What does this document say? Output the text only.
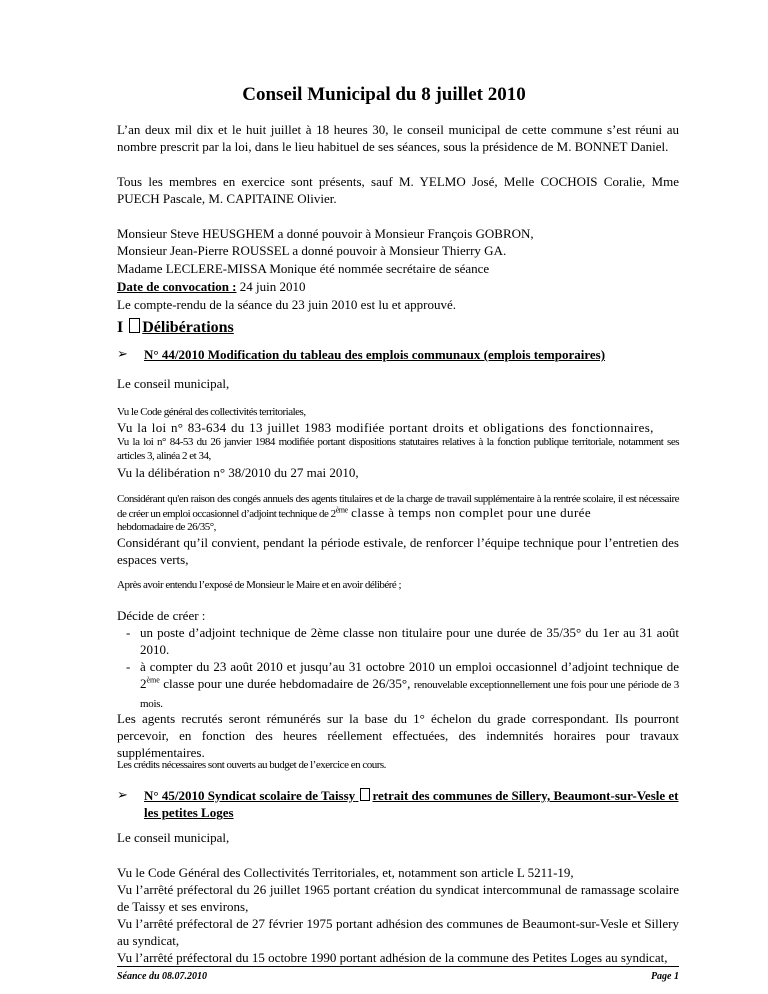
Conseil Municipal du 8 juillet 2010
L’an deux mil dix et le huit juillet à 18 heures 30, le conseil municipal de cette commune s’est réuni au nombre prescrit par la loi, dans le lieu habituel de ses séances, sous la présidence de M. BONNET Daniel.
Tous les membres en exercice sont présents, sauf M. YELMO José, Melle COCHOIS Coralie, Mme PUECH Pascale, M. CAPITAINE Olivier.
Monsieur Steve HEUSGHEM a donné pouvoir à Monsieur François GOBRON,
Monsieur Jean-Pierre ROUSSEL a donné pouvoir à Monsieur Thierry GA.
Madame LECLERE-MISSA Monique été nommée secrétaire de séance
Date de convocation : 24 juin 2010
Le compte-rendu de la séance du 23 juin 2010 est lu et approuvé.
I Délibérations
➢ N° 44/2010 Modification du tableau des emplois communaux (emplois temporaires)
Le conseil municipal,
Vu le Code général des collectivités territoriales,
Vu la loi n° 83-634 du 13 juillet 1983 modifiée portant droits et obligations des fonctionnaires,
Vu la loi n° 84-53 du 26 janvier 1984 modifiée portant dispositions statutaires relatives à la fonction publique territoriale, notamment ses articles 3, alinéa 2 et 34,
Vu la délibération n° 38/2010 du 27 mai 2010,
Considérant qu'en raison des congés annuels des agents titulaires et de la charge de travail supplémentaire à la rentrée scolaire, il est nécessaire de créer un emploi occasionnel d’adjoint technique de 2ème classe à temps non complet pour une durée
hebdomadaire de 26/35°,
Considérant qu’il convient, pendant la période estivale, de renforcer l’équipe technique pour l’entretien des espaces verts,
Après avoir entendu l’exposé de Monsieur le Maire et en avoir délibéré ;
Décide de créer :
- un poste d’adjoint technique de 2ème classe non titulaire pour une durée de 35/35° du 1er au 31 août 2010.
- à compter du 23 août 2010 et jusqu’au 31 octobre 2010 un emploi occasionnel d’adjoint technique de 2ème classe pour une durée hebdomadaire de 26/35°, renouvelable exceptionnellement une fois pour une période de 3 mois.
Les agents recrutés seront rémunérés sur la base du 1° échelon du grade correspondant. Ils pourront percevoir, en fonction des heures réellement effectuées, des indemnités horaires pour travaux supplémentaires.
Les crédits nécessaires sont ouverts au budget de l’exercice en cours.
➢ N° 45/2010 Syndicat scolaire de Taissy retrait des communes de Sillery, Beaumont-sur-Vesle et les petites Loges
Le conseil municipal,
Vu le Code Général des Collectivités Territoriales, et, notamment son article L 5211-19,
Vu l’arrêté préfectoral du 26 juillet 1965 portant création du syndicat intercommunal de ramassage scolaire de Taissy et ses environs,
Vu l’arrêté préfectoral de 27 février 1975 portant adhésion des communes de Beaumont-sur-Vesle et Sillery au syndicat,
Vu l’arrêté préfectoral du 15 octobre 1990 portant adhésion de la commune des Petites Loges au syndicat,
Séance du 08.07.2010	Page 1
